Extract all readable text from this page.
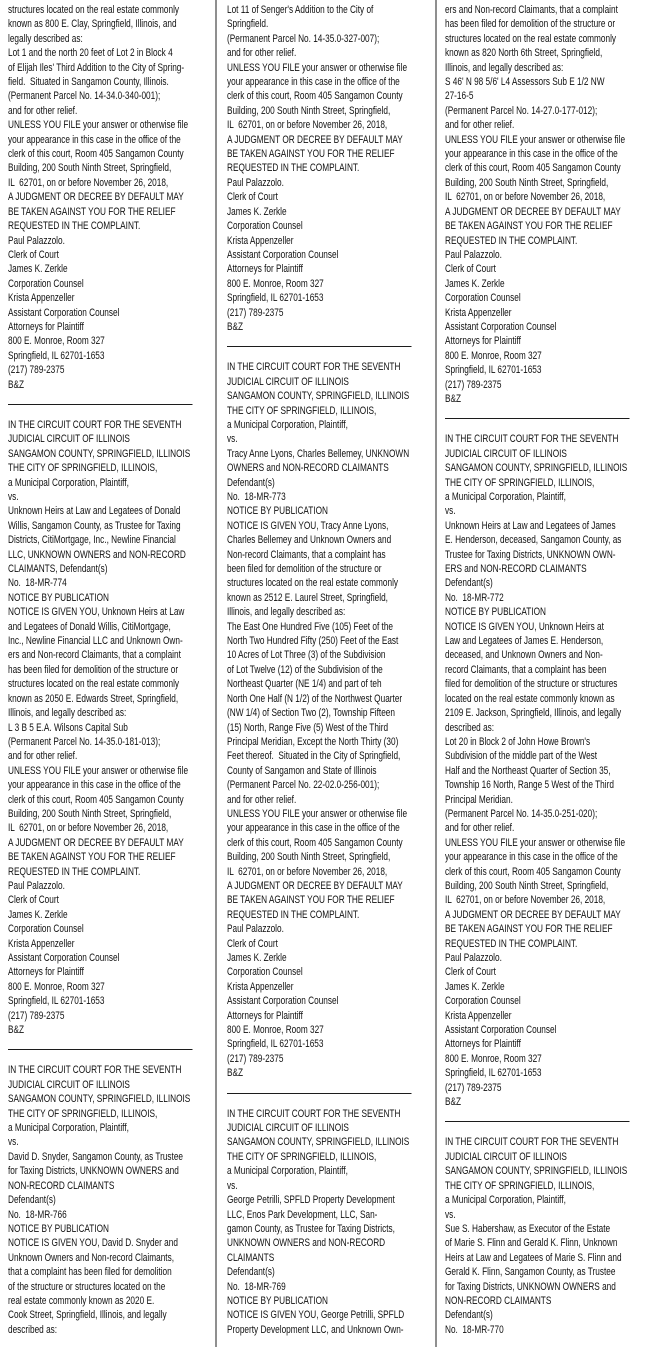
structures located on the real estate commonly
known as 800 E. Clay, Springfield, Illinois, and
legally described as:
Lot 1 and the north 20 feet of Lot 2 in Block 4
of Elijah Iles' Third Addition to the City of Spring-
field.  Situated in Sangamon County, Illinois.
(Permanent Parcel No. 14-34.0-340-001);
and for other relief.
UNLESS YOU FILE your answer or otherwise file
your appearance in this case in the office of the
clerk of this court, Room 405 Sangamon County
Building, 200 South Ninth Street, Springfield,
IL  62701, on or before November 26, 2018,
A JUDGMENT OR DECREE BY DEFAULT MAY
BE TAKEN AGAINST YOU FOR THE RELIEF
REQUESTED IN THE COMPLAINT.
Paul Palazzolo.
Clerk of Court
James K. Zerkle
Corporation Counsel
Krista Appenzeller
Assistant Corporation Counsel
Attorneys for Plaintiff
800 E. Monroe, Room 327
Springfield, IL 62701-1653
(217) 789-2375
B&Z
IN THE CIRCUIT COURT FOR THE SEVENTH
JUDICIAL CIRCUIT OF ILLINOIS
SANGAMON COUNTY, SPRINGFIELD, ILLINOIS
THE CITY OF SPRINGFIELD, ILLINOIS,
a Municipal Corporation, Plaintiff,
vs.
Unknown Heirs at Law and Legatees of Donald
Willis, Sangamon County, as Trustee for Taxing
Districts, CitiMortgage, Inc., Newline Financial
LLC, UNKNOWN OWNERS and NON-RECORD
CLAIMANTS, Defendant(s)
No.  18-MR-774
NOTICE BY PUBLICATION
NOTICE IS GIVEN YOU, Unknown Heirs at Law
and Legatees of Donald Willis, CitiMortgage,
Inc., Newline Financial LLC and Unknown Own-
ers and Non-record Claimants, that a complaint
has been filed for demolition of the structure or
structures located on the real estate commonly
known as 2050 E. Edwards Street, Springfield,
Illinois, and legally described as:
L 3 B 5 E.A. Wilsons Capital Sub
(Permanent Parcel No. 14-35.0-181-013);
and for other relief.
UNLESS YOU FILE your answer or otherwise file
your appearance in this case in the office of the
clerk of this court, Room 405 Sangamon County
Building, 200 South Ninth Street, Springfield,
IL  62701, on or before November 26, 2018,
A JUDGMENT OR DECREE BY DEFAULT MAY
BE TAKEN AGAINST YOU FOR THE RELIEF
REQUESTED IN THE COMPLAINT.
Paul Palazzolo.
Clerk of Court
James K. Zerkle
Corporation Counsel
Krista Appenzeller
Assistant Corporation Counsel
Attorneys for Plaintiff
800 E. Monroe, Room 327
Springfield, IL 62701-1653
(217) 789-2375
B&Z
IN THE CIRCUIT COURT FOR THE SEVENTH
JUDICIAL CIRCUIT OF ILLINOIS
SANGAMON COUNTY, SPRINGFIELD, ILLINOIS
THE CITY OF SPRINGFIELD, ILLINOIS,
a Municipal Corporation, Plaintiff,
vs.
David D. Snyder, Sangamon County, as Trustee
for Taxing Districts, UNKNOWN OWNERS and
NON-RECORD CLAIMANTS
Defendant(s)
No.  18-MR-766
NOTICE BY PUBLICATION
NOTICE IS GIVEN YOU, David D. Snyder and
Unknown Owners and Non-record Claimants,
that a complaint has been filed for demolition
of the structure or structures located on the
real estate commonly known as 2020 E.
Cook Street, Springfield, Illinois, and legally
described as:
Lot 11 of Senger's Addition to the City of
Springfield.
(Permanent Parcel No. 14-35.0-327-007);
and for other relief.
UNLESS YOU FILE your answer or otherwise file
your appearance in this case in the office of the
clerk of this court, Room 405 Sangamon County
Building, 200 South Ninth Street, Springfield,
IL  62701, on or before November 26, 2018,
A JUDGMENT OR DECREE BY DEFAULT MAY
BE TAKEN AGAINST YOU FOR THE RELIEF
REQUESTED IN THE COMPLAINT.
Paul Palazzolo.
Clerk of Court
James K. Zerkle
Corporation Counsel
Krista Appenzeller
Assistant Corporation Counsel
Attorneys for Plaintiff
800 E. Monroe, Room 327
Springfield, IL 62701-1653
(217) 789-2375
B&Z
IN THE CIRCUIT COURT FOR THE SEVENTH
JUDICIAL CIRCUIT OF ILLINOIS
SANGAMON COUNTY, SPRINGFIELD, ILLINOIS
THE CITY OF SPRINGFIELD, ILLINOIS,
a Municipal Corporation, Plaintiff,
vs.
Tracy Anne Lyons, Charles Bellemey, UNKNOWN
OWNERS and NON-RECORD CLAIMANTS
Defendant(s)
No.  18-MR-773
NOTICE BY PUBLICATION
NOTICE IS GIVEN YOU, Tracy Anne Lyons,
Charles Bellemey and Unknown Owners and
Non-record Claimants, that a complaint has
been filed for demolition of the structure or
structures located on the real estate commonly
known as 2512 E. Laurel Street, Springfield,
Illinois, and legally described as:
The East One Hundred Five (105) Feet of the
North Two Hundred Fifty (250) Feet of the East
10 Acres of Lot Three (3) of the Subdivision
of Lot Twelve (12) of the Subdivision of the
Northeast Quarter (NE 1/4) and part of teh
North One Half (N 1/2) of the Northwest Quarter
(NW 1/4) of Section Two (2), Township Fifteen
(15) North, Range Five (5) West of the Third
Principal Meridian, Except the North Thirty (30)
Feet thereof.  Situated in the City of Springfield,
County of Sangamon and State of Illinois
(Permanent Parcel No. 22-02.0-256-001);
and for other relief.
UNLESS YOU FILE your answer or otherwise file
your appearance in this case in the office of the
clerk of this court, Room 405 Sangamon County
Building, 200 South Ninth Street, Springfield,
IL  62701, on or before November 26, 2018,
A JUDGMENT OR DECREE BY DEFAULT MAY
BE TAKEN AGAINST YOU FOR THE RELIEF
REQUESTED IN THE COMPLAINT.
Paul Palazzolo.
Clerk of Court
James K. Zerkle
Corporation Counsel
Krista Appenzeller
Assistant Corporation Counsel
Attorneys for Plaintiff
800 E. Monroe, Room 327
Springfield, IL 62701-1653
(217) 789-2375
B&Z
IN THE CIRCUIT COURT FOR THE SEVENTH
JUDICIAL CIRCUIT OF ILLINOIS
SANGAMON COUNTY, SPRINGFIELD, ILLINOIS
THE CITY OF SPRINGFIELD, ILLINOIS,
a Municipal Corporation, Plaintiff,
vs.
George Petrilli, SPFLD Property Development
LLC, Enos Park Development, LLC, San-
gamon County, as Trustee for Taxing Districts,
UNKNOWN OWNERS and NON-RECORD
CLAIMANTS
Defendant(s)
No.  18-MR-769
NOTICE BY PUBLICATION
NOTICE IS GIVEN YOU, George Petrilli, SPFLD
Property Development LLC, and Unknown Own-
ers and Non-record Claimants, that a complaint
has been filed for demolition of the structure or
structures located on the real estate commonly
known as 820 North 6th Street, Springfield,
Illinois, and legally described as:
S 46' N 98 5/6' L4 Assessors Sub E 1/2 NW
27-16-5
(Permanent Parcel No. 14-27.0-177-012);
and for other relief.
UNLESS YOU FILE your answer or otherwise file
your appearance in this case in the office of the
clerk of this court, Room 405 Sangamon County
Building, 200 South Ninth Street, Springfield,
IL  62701, on or before November 26, 2018,
A JUDGMENT OR DECREE BY DEFAULT MAY
BE TAKEN AGAINST YOU FOR THE RELIEF
REQUESTED IN THE COMPLAINT.
Paul Palazzolo.
Clerk of Court
James K. Zerkle
Corporation Counsel
Krista Appenzeller
Assistant Corporation Counsel
Attorneys for Plaintiff
800 E. Monroe, Room 327
Springfield, IL 62701-1653
(217) 789-2375
B&Z
IN THE CIRCUIT COURT FOR THE SEVENTH
JUDICIAL CIRCUIT OF ILLINOIS
SANGAMON COUNTY, SPRINGFIELD, ILLINOIS
THE CITY OF SPRINGFIELD, ILLINOIS,
a Municipal Corporation, Plaintiff,
vs.
Unknown Heirs at Law and Legatees of James
E. Henderson, deceased, Sangamon County, as
Trustee for Taxing Districts, UNKNOWN OWN-
ERS and NON-RECORD CLAIMANTS
Defendant(s)
No.  18-MR-772
NOTICE BY PUBLICATION
NOTICE IS GIVEN YOU, Unknown Heirs at
Law and Legatees of James E. Henderson,
deceased, and Unknown Owners and Non-
record Claimants, that a complaint has been
filed for demolition of the structure or structures
located on the real estate commonly known as
2109 E. Jackson, Springfield, Illinois, and legally
described as:
Lot 20 in Block 2 of John Howe Brown's
Subdivision of the middle part of the West
Half and the Northeast Quarter of Section 35,
Township 16 North, Range 5 West of the Third
Principal Meridian.
(Permanent Parcel No. 14-35.0-251-020);
and for other relief.
UNLESS YOU FILE your answer or otherwise file
your appearance in this case in the office of the
clerk of this court, Room 405 Sangamon County
Building, 200 South Ninth Street, Springfield,
IL  62701, on or before November 26, 2018,
A JUDGMENT OR DECREE BY DEFAULT MAY
BE TAKEN AGAINST YOU FOR THE RELIEF
REQUESTED IN THE COMPLAINT.
Paul Palazzolo.
Clerk of Court
James K. Zerkle
Corporation Counsel
Krista Appenzeller
Assistant Corporation Counsel
Attorneys for Plaintiff
800 E. Monroe, Room 327
Springfield, IL 62701-1653
(217) 789-2375
B&Z
IN THE CIRCUIT COURT FOR THE SEVENTH
JUDICIAL CIRCUIT OF ILLINOIS
SANGAMON COUNTY, SPRINGFIELD, ILLINOIS
THE CITY OF SPRINGFIELD, ILLINOIS,
a Municipal Corporation, Plaintiff,
vs.
Sue S. Habershaw, as Executor of the Estate
of Marie S. Flinn and Gerald K. Flinn, Unknown
Heirs at Law and Legatees of Marie S. Flinn and
Gerald K. Flinn, Sangamon County, as Trustee
for Taxing Districts, UNKNOWN OWNERS and
NON-RECORD CLAIMANTS
Defendant(s)
No.  18-MR-770
